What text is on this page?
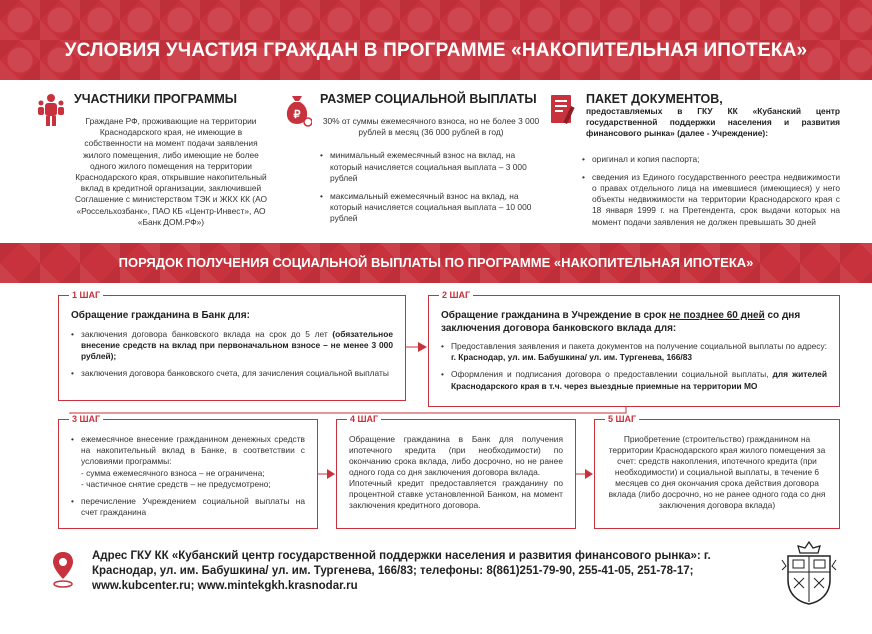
УСЛОВИЯ УЧАСТИЯ ГРАЖДАН В ПРОГРАММЕ «НАКОПИТЕЛЬНАЯ ИПОТЕКА»
УЧАСТНИКИ ПРОГРАММЫ
Граждане РФ, проживающие на территории Краснодарского края, не имеющие в собственности на момент подачи заявления жилого помещения, либо имеющие не более одного жилого помещения на территории Краснодарского края, открывшие накопительный вклад в кредитной организации, заключившей Соглашение с министерством ТЭК и ЖКХ КК (АО «Россельхозбанк», ПАО КБ «Центр-Инвест», АО «Банк ДОМ.РФ»)
₽
РАЗМЕР СОЦИАЛЬНОЙ ВЫПЛАТЫ
30% от суммы ежемесячного взноса, но не более 3 000 рублей в месяц (36 000 рублей в год)
• минимальный ежемесячный взнос на вклад, на который начисляется социальная выплата – 3 000 рублей
• максимальный ежемесячный взнос на вклад, на который начисляется социальная выплата – 10 000 рублей
ПАКЕТ ДОКУМЕНТОВ,
предоставляемых в ГКУ КК «Кубанский центр государственной поддержки населения и развития финансового рынка» (далее - Учреждение):
• оригинал и копия паспорта;
• сведения из Единого государственного реестра недвижимости о правах отдельного лица на имевшиеся (имеющиеся) у него объекты недвижимости на территории Краснодарского края с 18 января 1999 г. на Претендента, срок выдачи которых на момент подачи заявления не должен превышать 30 дней
ПОРЯДОК ПОЛУЧЕНИЯ СОЦИАЛЬНОЙ ВЫПЛАТЫ ПО ПРОГРАММЕ «НАКОПИТЕЛЬНАЯ ИПОТЕКА»
1 ШАГ
Обращение гражданина в Банк для:
• заключения договора банковского вклада на срок до 5 лет (обязательное внесение средств на вклад при первоначальном взносе – не менее 3 000 рублей);
• заключения договора банковского счета, для зачисления социальной выплаты
2 ШАГ
Обращение гражданина в Учреждение в срок не позднее 60 дней со дня заключения договора банковского вклада для:
• Предоставления заявления и пакета документов на получение социальной выплаты по адресу: г. Краснодар, ул. им. Бабушкина/ ул. им. Тургенева, 166/83
• Оформления и подписания договора о предоставлении социальной выплаты, для жителей Краснодарского края в т.ч. через выездные приемные на территории МО
3 ШАГ
• ежемесячное внесение гражданином денежных средств на накопительный вклад в Банке, в соответствии с условиями программы:
- сумма ежемесячного взноса – не ограничена;
- частичное снятие средств – не предусмотрено;
• перечисление Учреждением социальной выплаты на счет гражданина
4 ШАГ
Обращение гражданина в Банк для получения ипотечного кредита (при необходимости) по окончанию срока вклада, либо досрочно, но не ранее одного года со дня заключения договора вклада.
Ипотечный кредит предоставляется гражданину по процентной ставке установленной Банком, на момент заключения кредитного договора.
5 ШАГ
Приобретение (строительство) гражданином на территории Краснодарского края жилого помещения за счет: средств накопления, ипотечного кредита (при необходимости) и социальной выплаты, в течение 6 месяцев со дня окончания срока действия договора вклада (либо досрочно, но не ранее одного года со дня заключения договора вклада)
Адрес ГКУ КК «Кубанский центр государственной поддержки населения и развития финансового рынка»: г. Краснодар, ул. им. Бабушкина/ ул. им. Тургенева, 166/83; телефоны: 8(861)251-79-90, 255-41-05, 251-78-17; www.kubcenter.ru; www.mintekgkh.krasnodar.ru
